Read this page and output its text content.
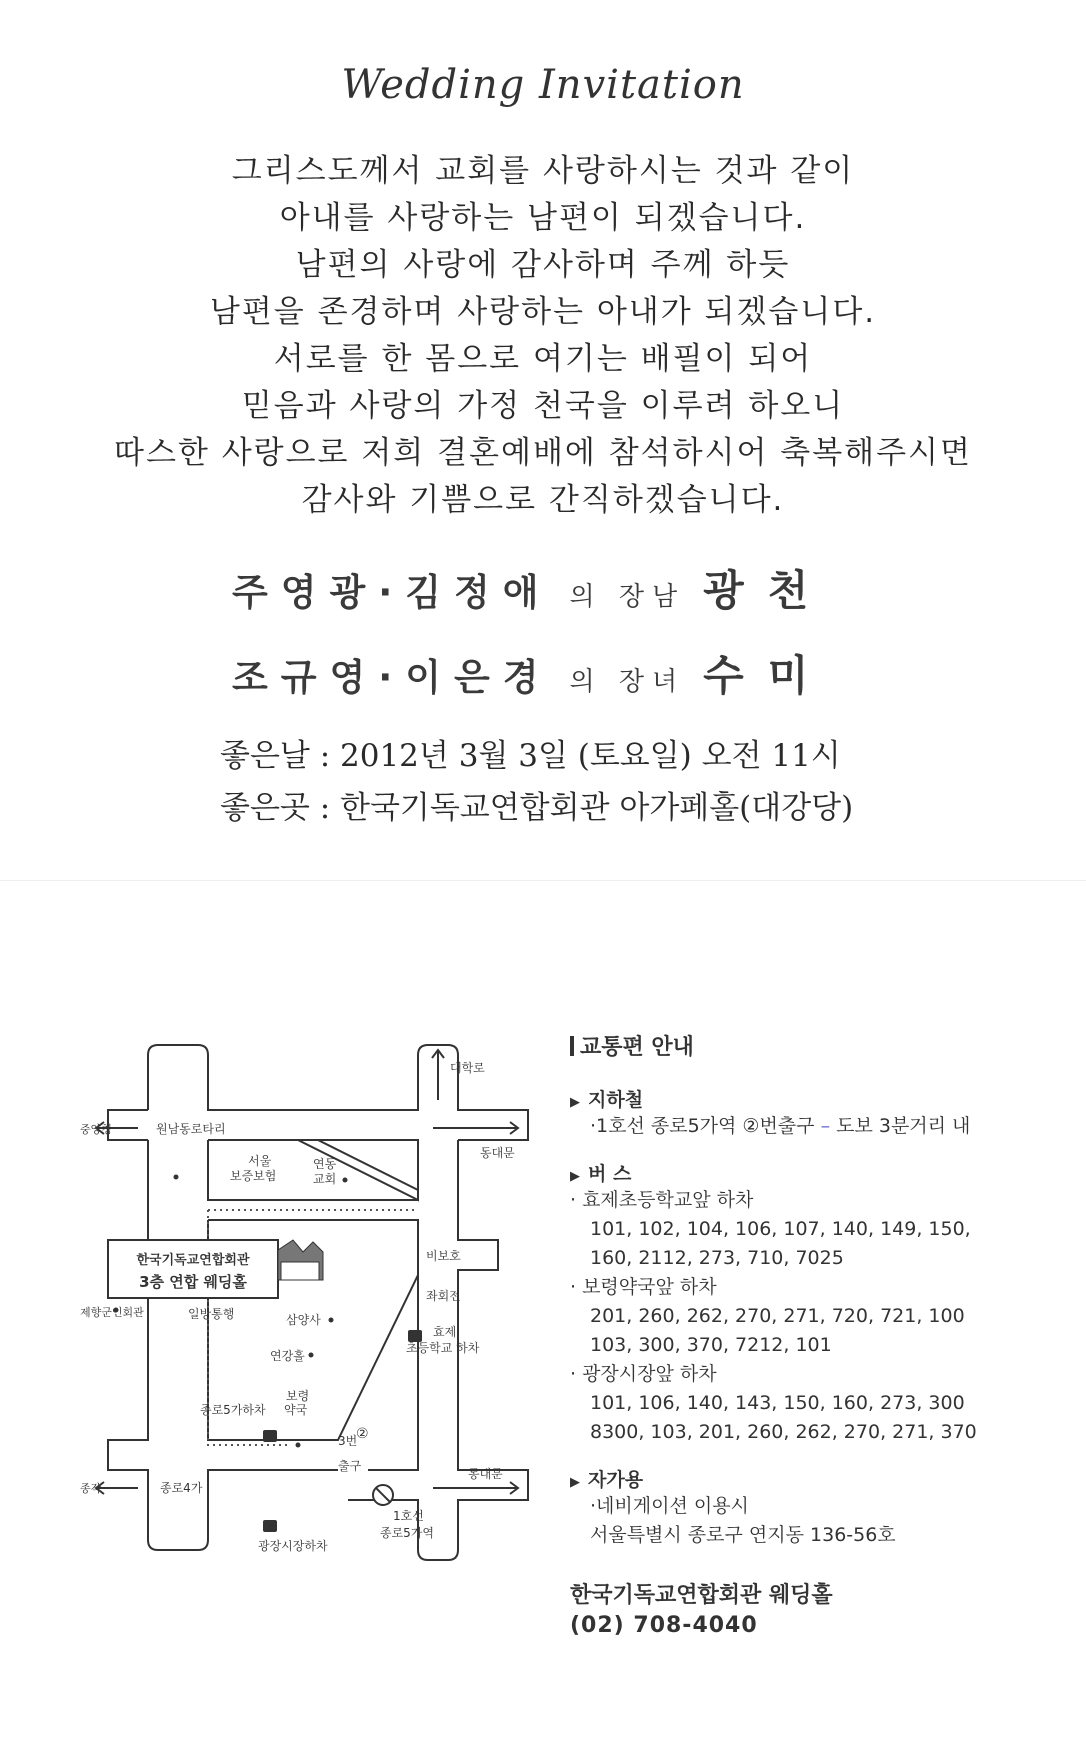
Wedding Invitation
그리스도께서 교회를 사랑하시는 것과 같이
아내를 사랑하는 남편이 되겠습니다.
남편의 사랑에 감사하며 주께 하듯
남편을 존경하며 사랑하는 아내가 되겠습니다.
서로를 한 몸으로 여기는 배필이 되어
믿음과 사랑의 가정 천국을 이루려 하오니
따스한 사랑으로 저희 결혼예배에 참석하시어 축복해주시면
감사와 기쁨으로 간직하겠습니다.
주영광·김정애 의 장남 광천
조규영·이은경 의 장녀 수미
좋은날 : 2012년 3월 3일 (토요일) 오전 11시
좋은곳 : 한국기독교연합회관 아가페홀(대강당)
한국기독교연합회관
3층 연합 웨딩홀
중앙청	원남동로타리
대학로
동대문
서울
보증보험
연동
교회
제향군인회관	일방통행	삼양사
연강홀
보령
약국
종로5가하차
3번
②
출구
비보호
좌회전
효제
초등학교 하차
동대문
종각	종로4가
1호선
종로5가역
광장시장하차
교통편 안내
▶ 지하철
·1호선 종로5가역 ②번출구 – 도보 3분거리 내
▶ 버 스
· 효제초등학교앞 하차
101, 102, 104, 106, 107, 140, 149, 150,
160, 2112, 273, 710, 7025
· 보령약국앞 하차
201, 260, 262, 270, 271, 720, 721, 100
103, 300, 370, 7212, 101
· 광장시장앞 하차
101, 106, 140, 143, 150, 160, 273, 300
8300, 103, 201, 260, 262, 270, 271, 370
▶ 자가용
·네비게이션 이용시
서울특별시 종로구 연지동 136-56호
한국기독교연합회관 웨딩홀
(02) 708-4040
